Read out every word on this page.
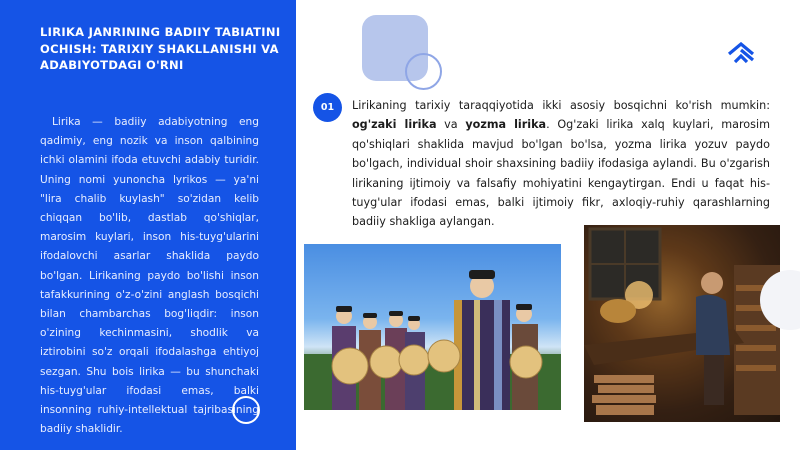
LIRIKA JANRINING BADIIY TABIATINI OCHISH: TARIXIY SHAKLLANISHI VA ADABIYOTDAGI O'RNI
Lirika — badiiy adabiyotning eng qadimiy, eng nozik va inson qalbining ichki olamini ifoda etuvchi adabiy turidir. Uning nomi yunoncha lyrikos — ya'ni "lira chalib kuylash" so'zidan kelib chiqqan bo'lib, dastlab qo'shiqlar, marosim kuylari, inson his-tuyg'ularini ifodalovchi asarlar shaklida paydo bo'lgan. Lirikaning paydo bo'lishi inson tafakkurining o'z-o'zini anglash bosqichi bilan chambarchas bog'liqdir: inson o'zining kechinmasini, shodlik va iztirobini so'z orqali ifodalashga ehtiyoj sezgan. Shu bois lirika — bu shunchaki his-tuyg'ular ifodasi emas, balki insonning ruhiy-intellektual tajribasining badiiy shaklidir.
01	Lirikaning tarixiy taraqqiyotida ikki asosiy bosqichni ko'rish mumkin: og'zaki lirika va yozma lirika. Og'zaki lirika xalq kuylari, marosim qo'shiqlari shaklida mavjud bo'lgan bo'lsa, yozma lirika yozuv paydo bo'lgach, individual shoir shaxsining badiiy ifodasiga aylandi. Bu o'zgarish lirikaning ijtimoiy va falsafiy mohiyatini kengaytirgan. Endi u faqat his-tuyg'ular ifodasi emas, balki ijtimoiy fikr, axloqiy-ruhiy qarashlarning badiiy shakliga aylangan.
